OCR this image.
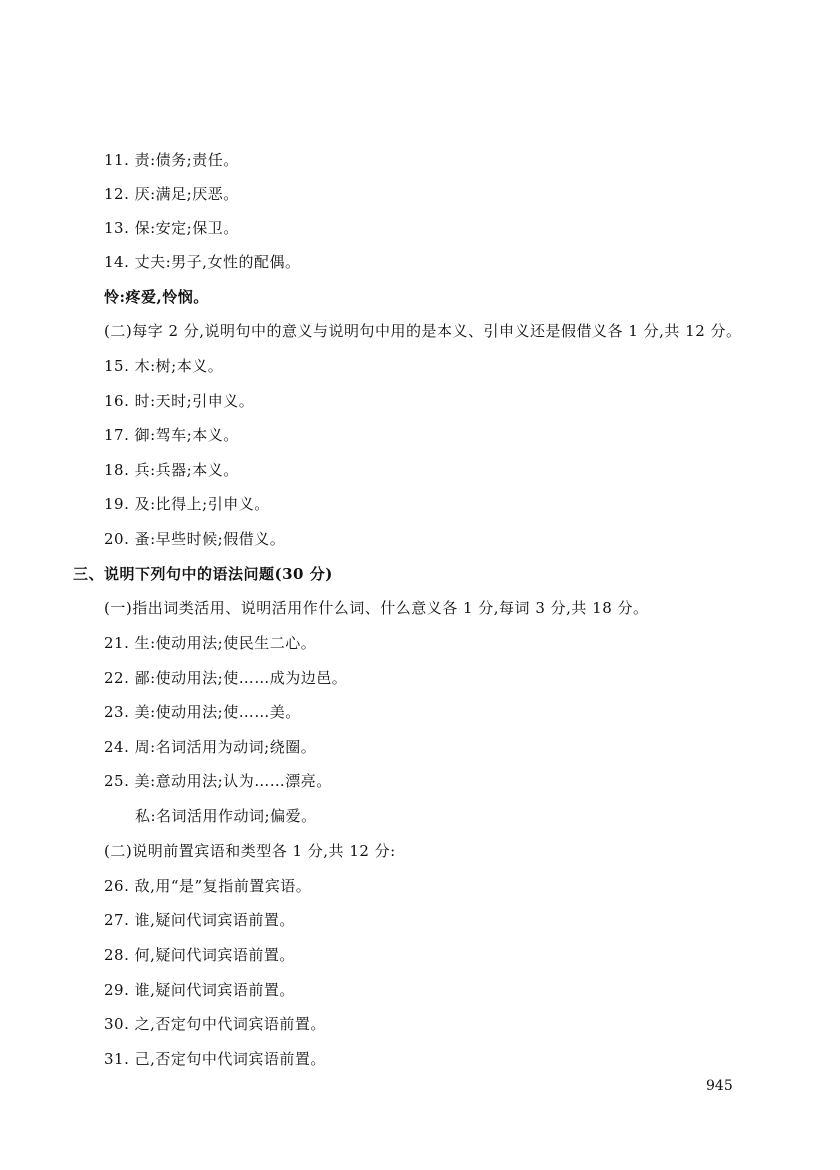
11. 责:债务;责任。
12. 厌:满足;厌恶。
13. 保:安定;保卫。
14. 丈夫:男子,女性的配偶。
怜:疼爱,怜悯。
(二)每字 2 分,说明句中的意义与说明句中用的是本义、引申义还是假借义各 1 分,共 12 分。
15. 木:树;本义。
16. 时:天时;引申义。
17. 御:驾车;本义。
18. 兵:兵器;本义。
19. 及:比得上;引申义。
20. 蚤:早些时候;假借义。
三、说明下列句中的语法问题(30 分)
(一)指出词类活用、说明活用作什么词、什么意义各 1 分,每词 3 分,共 18 分。
21. 生:使动用法;使民生二心。
22. 鄙:使动用法;使……成为边邑。
23. 美:使动用法;使……美。
24. 周:名词活用为动词;绕圈。
25. 美:意动用法;认为……漂亮。
私:名词活用作动词;偏爱。
(二)说明前置宾语和类型各 1 分,共 12 分:
26. 敌,用“是”复指前置宾语。
27. 谁,疑问代词宾语前置。
28. 何,疑问代词宾语前置。
29. 谁,疑问代词宾语前置。
30. 之,否定句中代词宾语前置。
31. 己,否定句中代词宾语前置。
945
